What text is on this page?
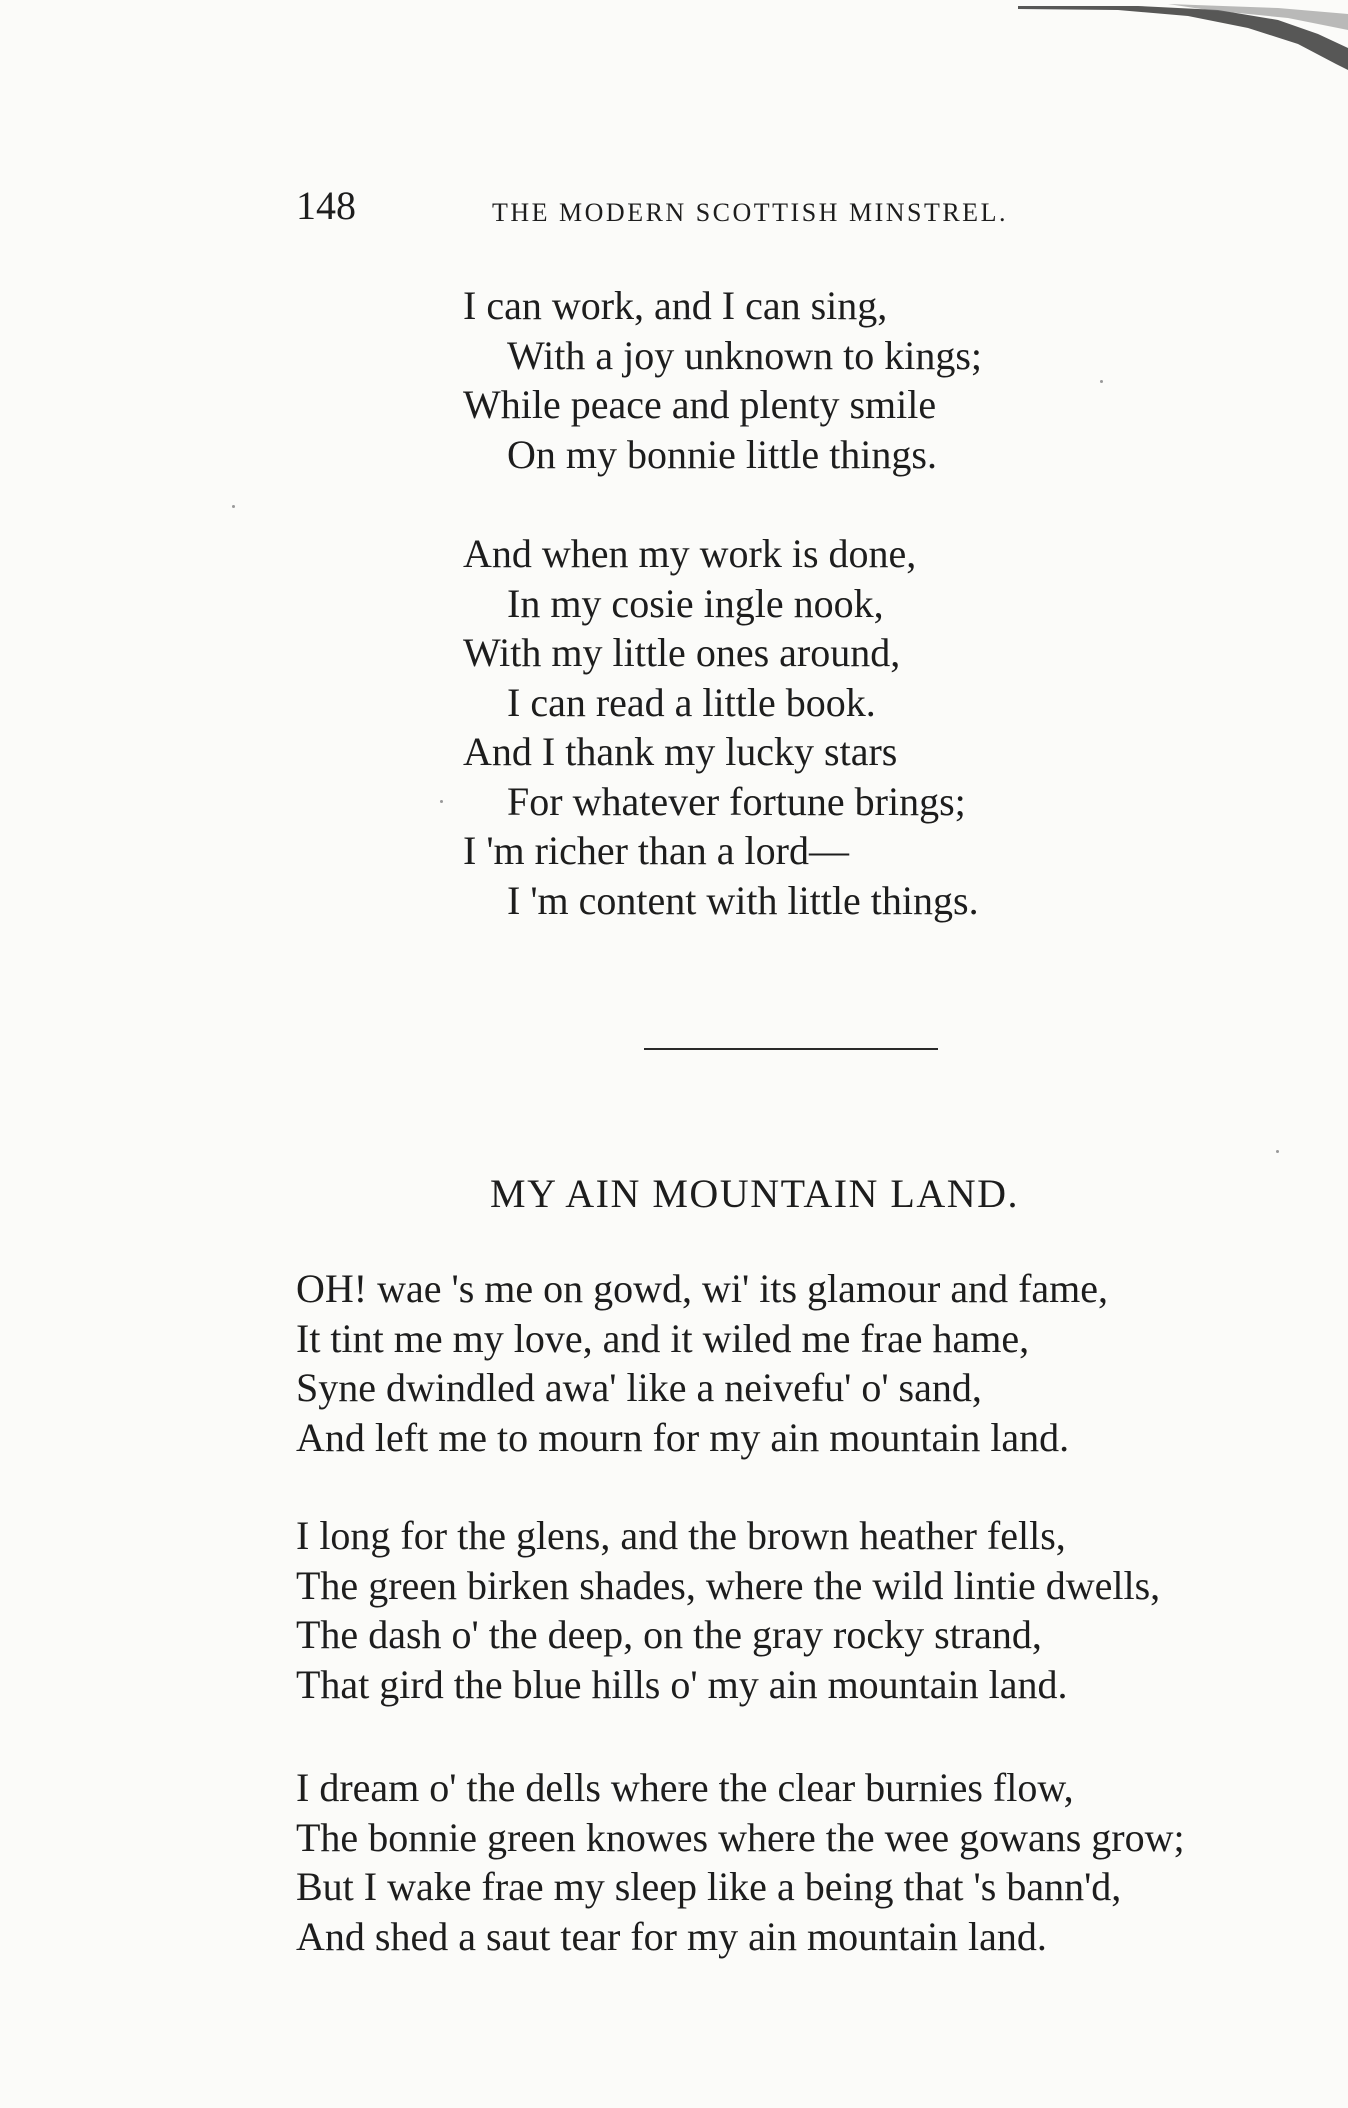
148	THE MODERN SCOTTISH MINSTREL.
I can work, and I can sing,
With a joy unknown to kings;
While peace and plenty smile
On my bonnie little things.
And when my work is done,
In my cosie ingle nook,
With my little ones around,
I can read a little book.
And I thank my lucky stars
For whatever fortune brings;
I 'm richer than a lord—
I 'm content with little things.
MY AIN MOUNTAIN LAND.
OH! wae 's me on gowd, wi' its glamour and fame,
It tint me my love, and it wiled me frae hame,
Syne dwindled awa' like a neivefu' o' sand,
And left me to mourn for my ain mountain land.
I long for the glens, and the brown heather fells,
The green birken shades, where the wild lintie dwells,
The dash o' the deep, on the gray rocky strand,
That gird the blue hills o' my ain mountain land.
I dream o' the dells where the clear burnies flow,
The bonnie green knowes where the wee gowans grow;
But I wake frae my sleep like a being that 's bann'd,
And shed a saut tear for my ain mountain land.
